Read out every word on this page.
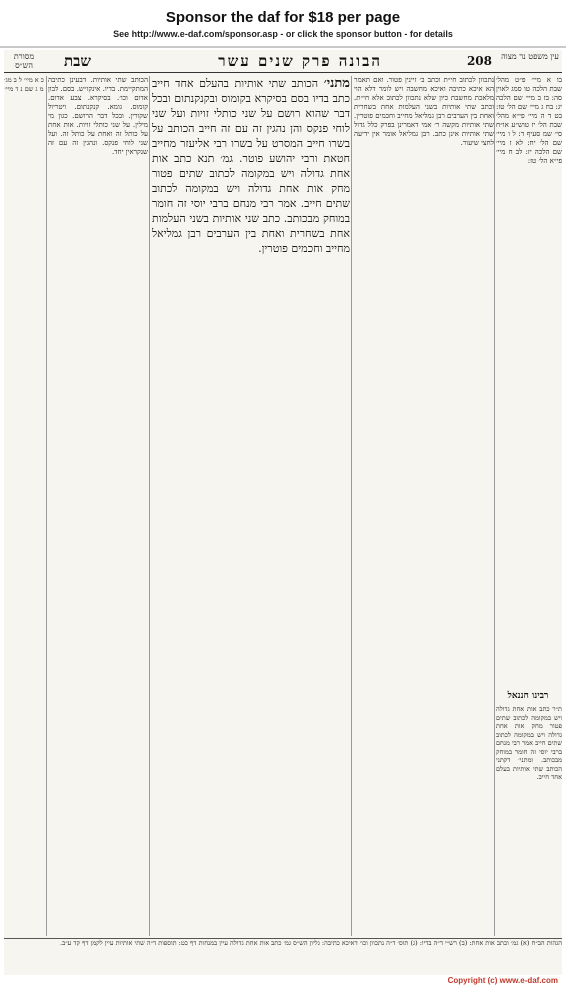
Sponsor the daf for $18 per page
See http://www.e-daf.com/sponsor.asp - or click the sponsor button - for details
עין משפט נר מצוה
208
הבונה פרק שנים עשר
שבת
מסורת הש״ס

בו א מיי׳ פ״ט מהל׳ שבת הלכה טו סמג לאוין סה: בז ב מיי׳ שם הלכה יג: בח ג מיי׳ שם הל׳ טז: בט ד ה מיי׳ פי״א מהל׳ שבת הל׳ יז טוש״ע או״ח סי׳ שמ סעיף ד: ל ו מיי׳ שם הל׳ יח: לא ז מיי׳ שם הלכה יז: לב ח מיי׳ פי״א הל׳ טז:

רבינו חננאל

ת״ר כתב אות אחת גדולה ויש במקומה לכתוב שתים פטור מחק אות אחת גדולה ויש במקומה לכתוב שתים חייב אמר רבי מנחם ברבי יוסי זה חומר במוחק מבכותב. ומתני׳ דקתני הכותב שתי אותיות בעלם אחד חייב.

נתכוון לכתוב חי״ת וכתב ב׳ זיינין פטור. ואם תאמר הא איכא כתיבה ואיכא מחשבה ויש לומר דלא הוי מלאכת מחשבת כיון שלא נתכוון לכתוב אלא חי״ת. וכתב שתי אותיות בשני העלמות אחת בשחרית ואחת בין הערבים רבן גמליאל מחייב וחכמים פוטרין. שתי אותיות מקשה ר׳ אמי דאמרינן בפרק כלל גדול שתי אותיות אינן כתב. רבן גמליאל אומר אין ידיעה לחצי שיעור.

מתני׳ הכותב שתי אותיות בהעלם אחד חייב כתב בדיו בסם בסיקרא בקומוס ובקנקנתום ובכל דבר שהוא רושם על שני כותלי זויות ועל שני לוחי פנקס והן נהגין זה עם זה חייב הכותב על בשרו חייב המסרט על בשרו רבי אליעזר מחייב חטאת ורבי יהושע פוטר. גמ׳ תנא כתב אות אחת גדולה ויש במקומה לכתוב שתים פטור מחק אות אחת גדולה ויש במקומה לכתוב שתים חייב. אמר רבי מנחם ברבי יוסי זה חומר במוחק מבכותב. כתב שני אותיות בשני העלמות אחת בשחרית ואחת בין הערבים רבן גמליאל מחייב וחכמים פוטרין.

הכותב שתי אותיות. דבעינן כתיבה המתקיימת. בדיו. אינקו״ש. בסם. לבון אדום וכו׳. בסיקרא. צבע אדום. קומוס. גומא. קנקנתום. ויטריול שקורין. ובכל דבר הרושם. כגון מי מילין. על שני כותלי זויות. אות אחת על כותל זה ואחת על כותל זה. ועל שני לוחי פנקס. ונהגין זה עם זה שנקראין יחד.

כ א מיי׳ ל ב מג׳ מ ג שם נ ד מיי׳

הגהות הב״ח (א) גמ׳ וכתב אות אחת: (ב) רש״י ד״ה בדיו: (ג) תוס׳ ד״ה נתכוון וכו׳ דאיכא כתיבה: גליון הש״ס גמ׳ כתב אות אחת גדולה עיין במנחות דף כט: תוספות ד״ה שתי אותיות עיין לקמן דף קד ע״ב.
Copyright (c) www.e-daf.com
